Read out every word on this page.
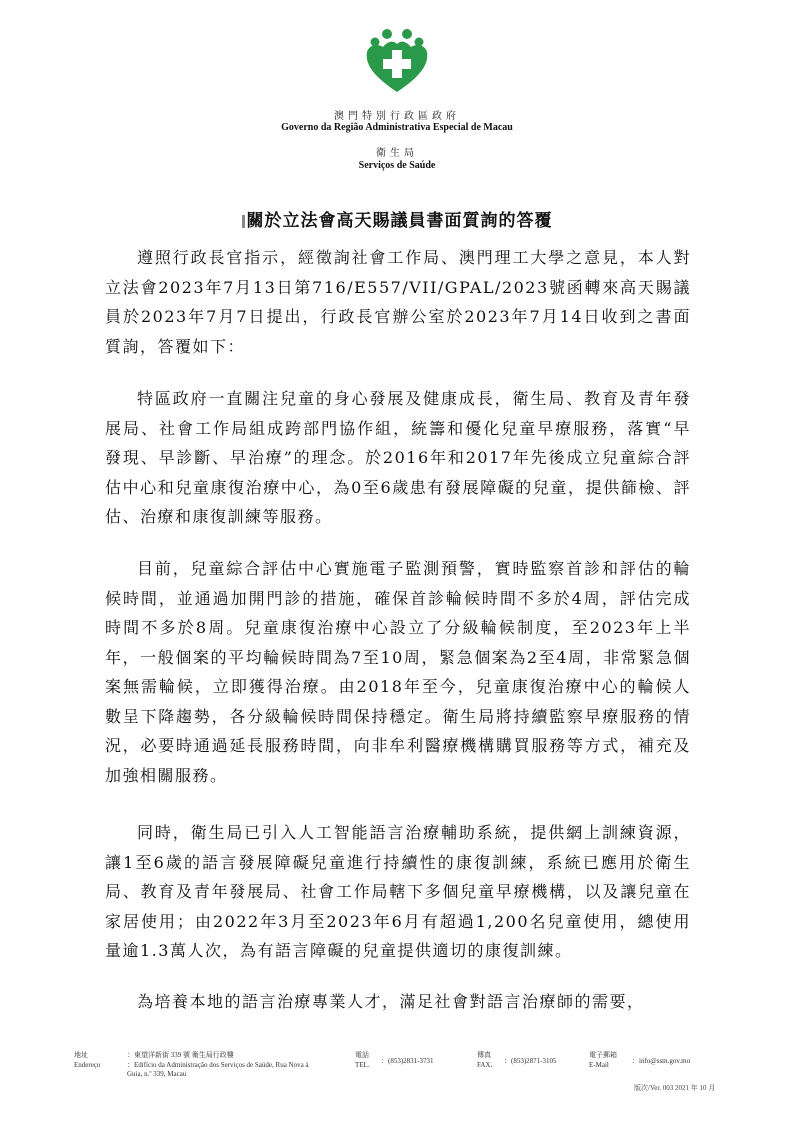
澳門特別行政區政府
Governo da Região Administrativa Especial de Macau
衛生局
Serviços de Saúde
關於立法會高天賜議員書面質詢的答覆

遵照行政長官指示，經徵詢社會工作局、澳門理工大學之意見，本人對立法會2023年7月13日第716/E557/VII/GPAL/2023號函轉來高天賜議員於2023年7月7日提出，行政長官辦公室於2023年7月14日收到之書面質詢，答覆如下：

特區政府一直關注兒童的身心發展及健康成長，衛生局、教育及青年發展局、社會工作局組成跨部門協作組，統籌和優化兒童早療服務，落實“早發現、早診斷、早治療”的理念。於2016年和2017年先後成立兒童綜合評估中心和兒童康復治療中心，為0至6歲患有發展障礙的兒童，提供篩檢、評估、治療和康復訓練等服務。

目前，兒童綜合評估中心實施電子監測預警，實時監察首診和評估的輪候時間，並通過加開門診的措施，確保首診輪候時間不多於4周，評估完成時間不多於8周。兒童康復治療中心設立了分級輪候制度，至2023年上半年，一般個案的平均輪候時間為7至10周，緊急個案為2至4周，非常緊急個案無需輪候，立即獲得治療。由2018年至今，兒童康復治療中心的輪候人數呈下降趨勢，各分級輪候時間保持穩定。衛生局將持續監察早療服務的情況，必要時通過延長服務時間，向非牟利醫療機構購買服務等方式，補充及加強相關服務。

同時，衛生局已引入人工智能語言治療輔助系統，提供網上訓練資源，讓1至6歲的語言發展障礙兒童進行持續性的康復訓練，系統已應用於衛生局、教育及青年發展局、社會工作局轄下多個兒童早療機構，以及讓兒童在家居使用；由2022年3月至2023年6月有超過1,200名兒童使用，總使用量逾1.3萬人次，為有語言障礙的兒童提供適切的康復訓練。

為培養本地的語言治療專業人才，滿足社會對語言治療師的需要，

地址
Endereço
：東望洋新街 339 號 衛生局行政樓
：Edifício da Administração dos Serviços de Saúde, Rua Nova à Guia, n.º 339, Macau
電話
TEL. ：(853)2831-3731
傳真
FAX. ：(853)2871-3105
電子郵箱
E-Mail	：info@ssm.gov.mo
版次/Ver. 003 2021 年 10 月
